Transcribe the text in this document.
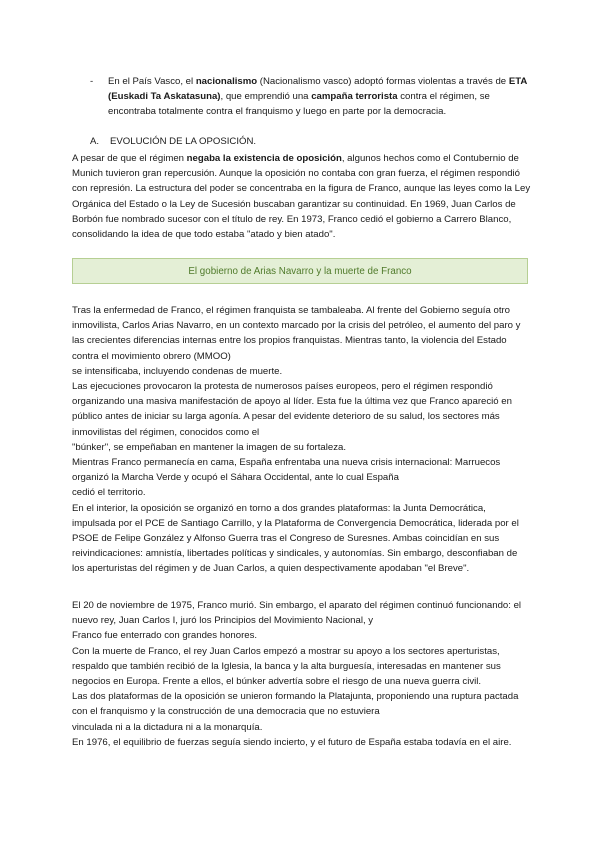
- En el País Vasco, el nacionalismo (Nacionalismo vasco) adoptó formas violentas a través de ETA (Euskadi Ta Askatasuna), que emprendió una campaña terrorista contra el régimen, se encontraba totalmente contra el franquismo y luego en parte por la democracia.
A. EVOLUCIÓN DE LA OPOSICIÓN.
A pesar de que el régimen negaba la existencia de oposición, algunos hechos como el Contubernio de Munich tuvieron gran repercusión. Aunque la oposición no contaba con gran fuerza, el régimen respondió con represión. La estructura del poder se concentraba en la figura de Franco, aunque las leyes como la Ley Orgánica del Estado o la Ley de Sucesión buscaban garantizar su continuidad. En 1969, Juan Carlos de Borbón fue nombrado sucesor con el título de rey. En 1973, Franco cedió el gobierno a Carrero Blanco, consolidando la idea de que todo estaba "atado y bien atado".
El gobierno de Arias Navarro y la muerte de Franco

Tras la enfermedad de Franco, el régimen franquista se tambaleaba. Al frente del Gobierno seguía otro inmovilista, Carlos Arias Navarro, en un contexto marcado por la crisis del petróleo, el aumento del paro y las crecientes diferencias internas entre los propios franquistas. Mientras tanto, la violencia del Estado contra el movimiento obrero (MMOO)

se intensificaba, incluyendo condenas de muerte.

Las ejecuciones provocaron la protesta de numerosos países europeos, pero el régimen respondió organizando una masiva manifestación de apoyo al líder. Esta fue la última vez que Franco apareció en público antes de iniciar su larga agonía. A pesar del evidente deterioro de su salud, los sectores más inmovilistas del régimen, conocidos como el

"búnker", se empeñaban en mantener la imagen de su fortaleza.

Mientras Franco permanecía en cama, España enfrentaba una nueva crisis internacional: Marruecos organizó la Marcha Verde y ocupó el Sáhara Occidental, ante lo cual España

cedió el territorio.

En el interior, la oposición se organizó en torno a dos grandes plataformas: la Junta Democrática, impulsada por el PCE de Santiago Carrillo, y la Plataforma de Convergencia Democrática, liderada por el PSOE de Felipe González y Alfonso Guerra tras el Congreso de Suresnes. Ambas coincidían en sus reivindicaciones: amnistía, libertades políticas y sindicales, y autonomías. Sin embargo, desconfiaban de los aperturistas del régimen y de Juan Carlos, a quien despectivamente apodaban "el Breve".

El 20 de noviembre de 1975, Franco murió. Sin embargo, el aparato del régimen continuó funcionando: el nuevo rey, Juan Carlos I, juró los Principios del Movimiento Nacional, y

Franco fue enterrado con grandes honores.

Con la muerte de Franco, el rey Juan Carlos empezó a mostrar su apoyo a los sectores aperturistas, respaldo que también recibió de la Iglesia, la banca y la alta burguesía, interesadas en mantener sus negocios en Europa. Frente a ellos, el búnker advertía sobre el riesgo de una nueva guerra civil.

Las dos plataformas de la oposición se unieron formando la Platajunta, proponiendo una ruptura pactada con el franquismo y la construcción de una democracia que no estuviera

vinculada ni a la dictadura ni a la monarquía.

En 1976, el equilibrio de fuerzas seguía siendo incierto, y el futuro de España estaba todavía en el aire.
